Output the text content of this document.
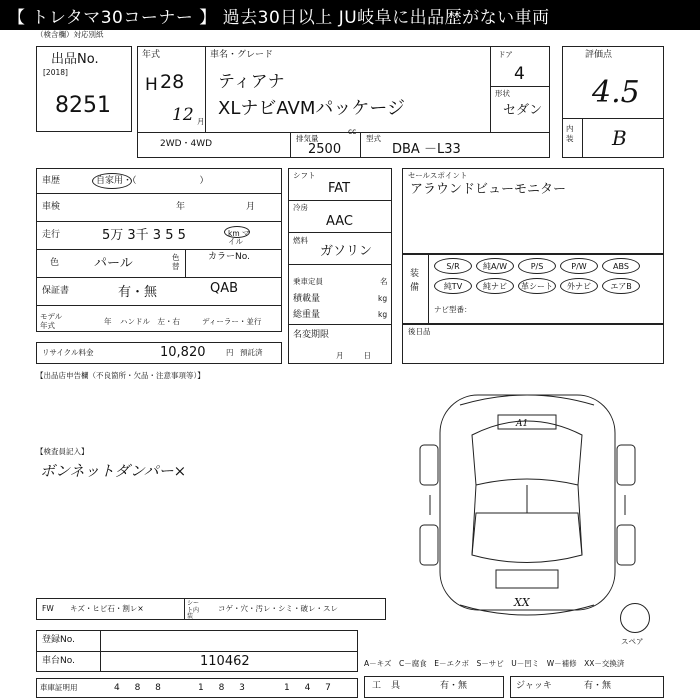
【 トレタマ30コーナー 】 過去30日以上 JU岐阜に出品歴がない車両
（検含欄）対応別紙
出品No.
[2018]
8251
年式
H 28
12 月
車名・グレード
ティアナ
XLナビAVMパッケージ
ドア
4
形状
セダン
2WD・4WD
排気量
cc
2500
型式
DBA －L33
評価点
4.5
内装 B
車歴	自家用・（　　　　　　　）
車検	年	月
走行	5万 3千 3 5 5	km マイル
色	パール	色替
カラーNo.
QAB
保証書	有・無
モデル年式	年 ハンドル　左・右	ディーラー・並行
リサイクル料金	10,820	円 預託済
シフト
FAT
冷房
AAC
燃料
ガソリン
乗車定員	名
積載量	kg
総重量	kg
名変期限
月日
セールスポイント
アラウンドビューモニター
装備
ナビ型番：
後日品
【出品店申告欄（不良箇所・欠品・注意事項等）】
【検査員記入】
ボンネットダンパー×
A1
XX
スペア
FW キズ・ヒビ石・割レ×
シート内装
コゲ・穴・汚レ・シミ・破レ・スレ
登録No.
車台No.	110462	A－キズ　C－腐食　E－エクボ　S－サビ　U－凹ミ　W－補修　XX－交換済
車庫証明用	4 8 8	1 8 3	1 4 7	工具	有・無	ジャッキ	有・無
S/R	純A/W	P/S	P/W	ABS
純TV	純ナビ	革シート	外ナビ	エアB
